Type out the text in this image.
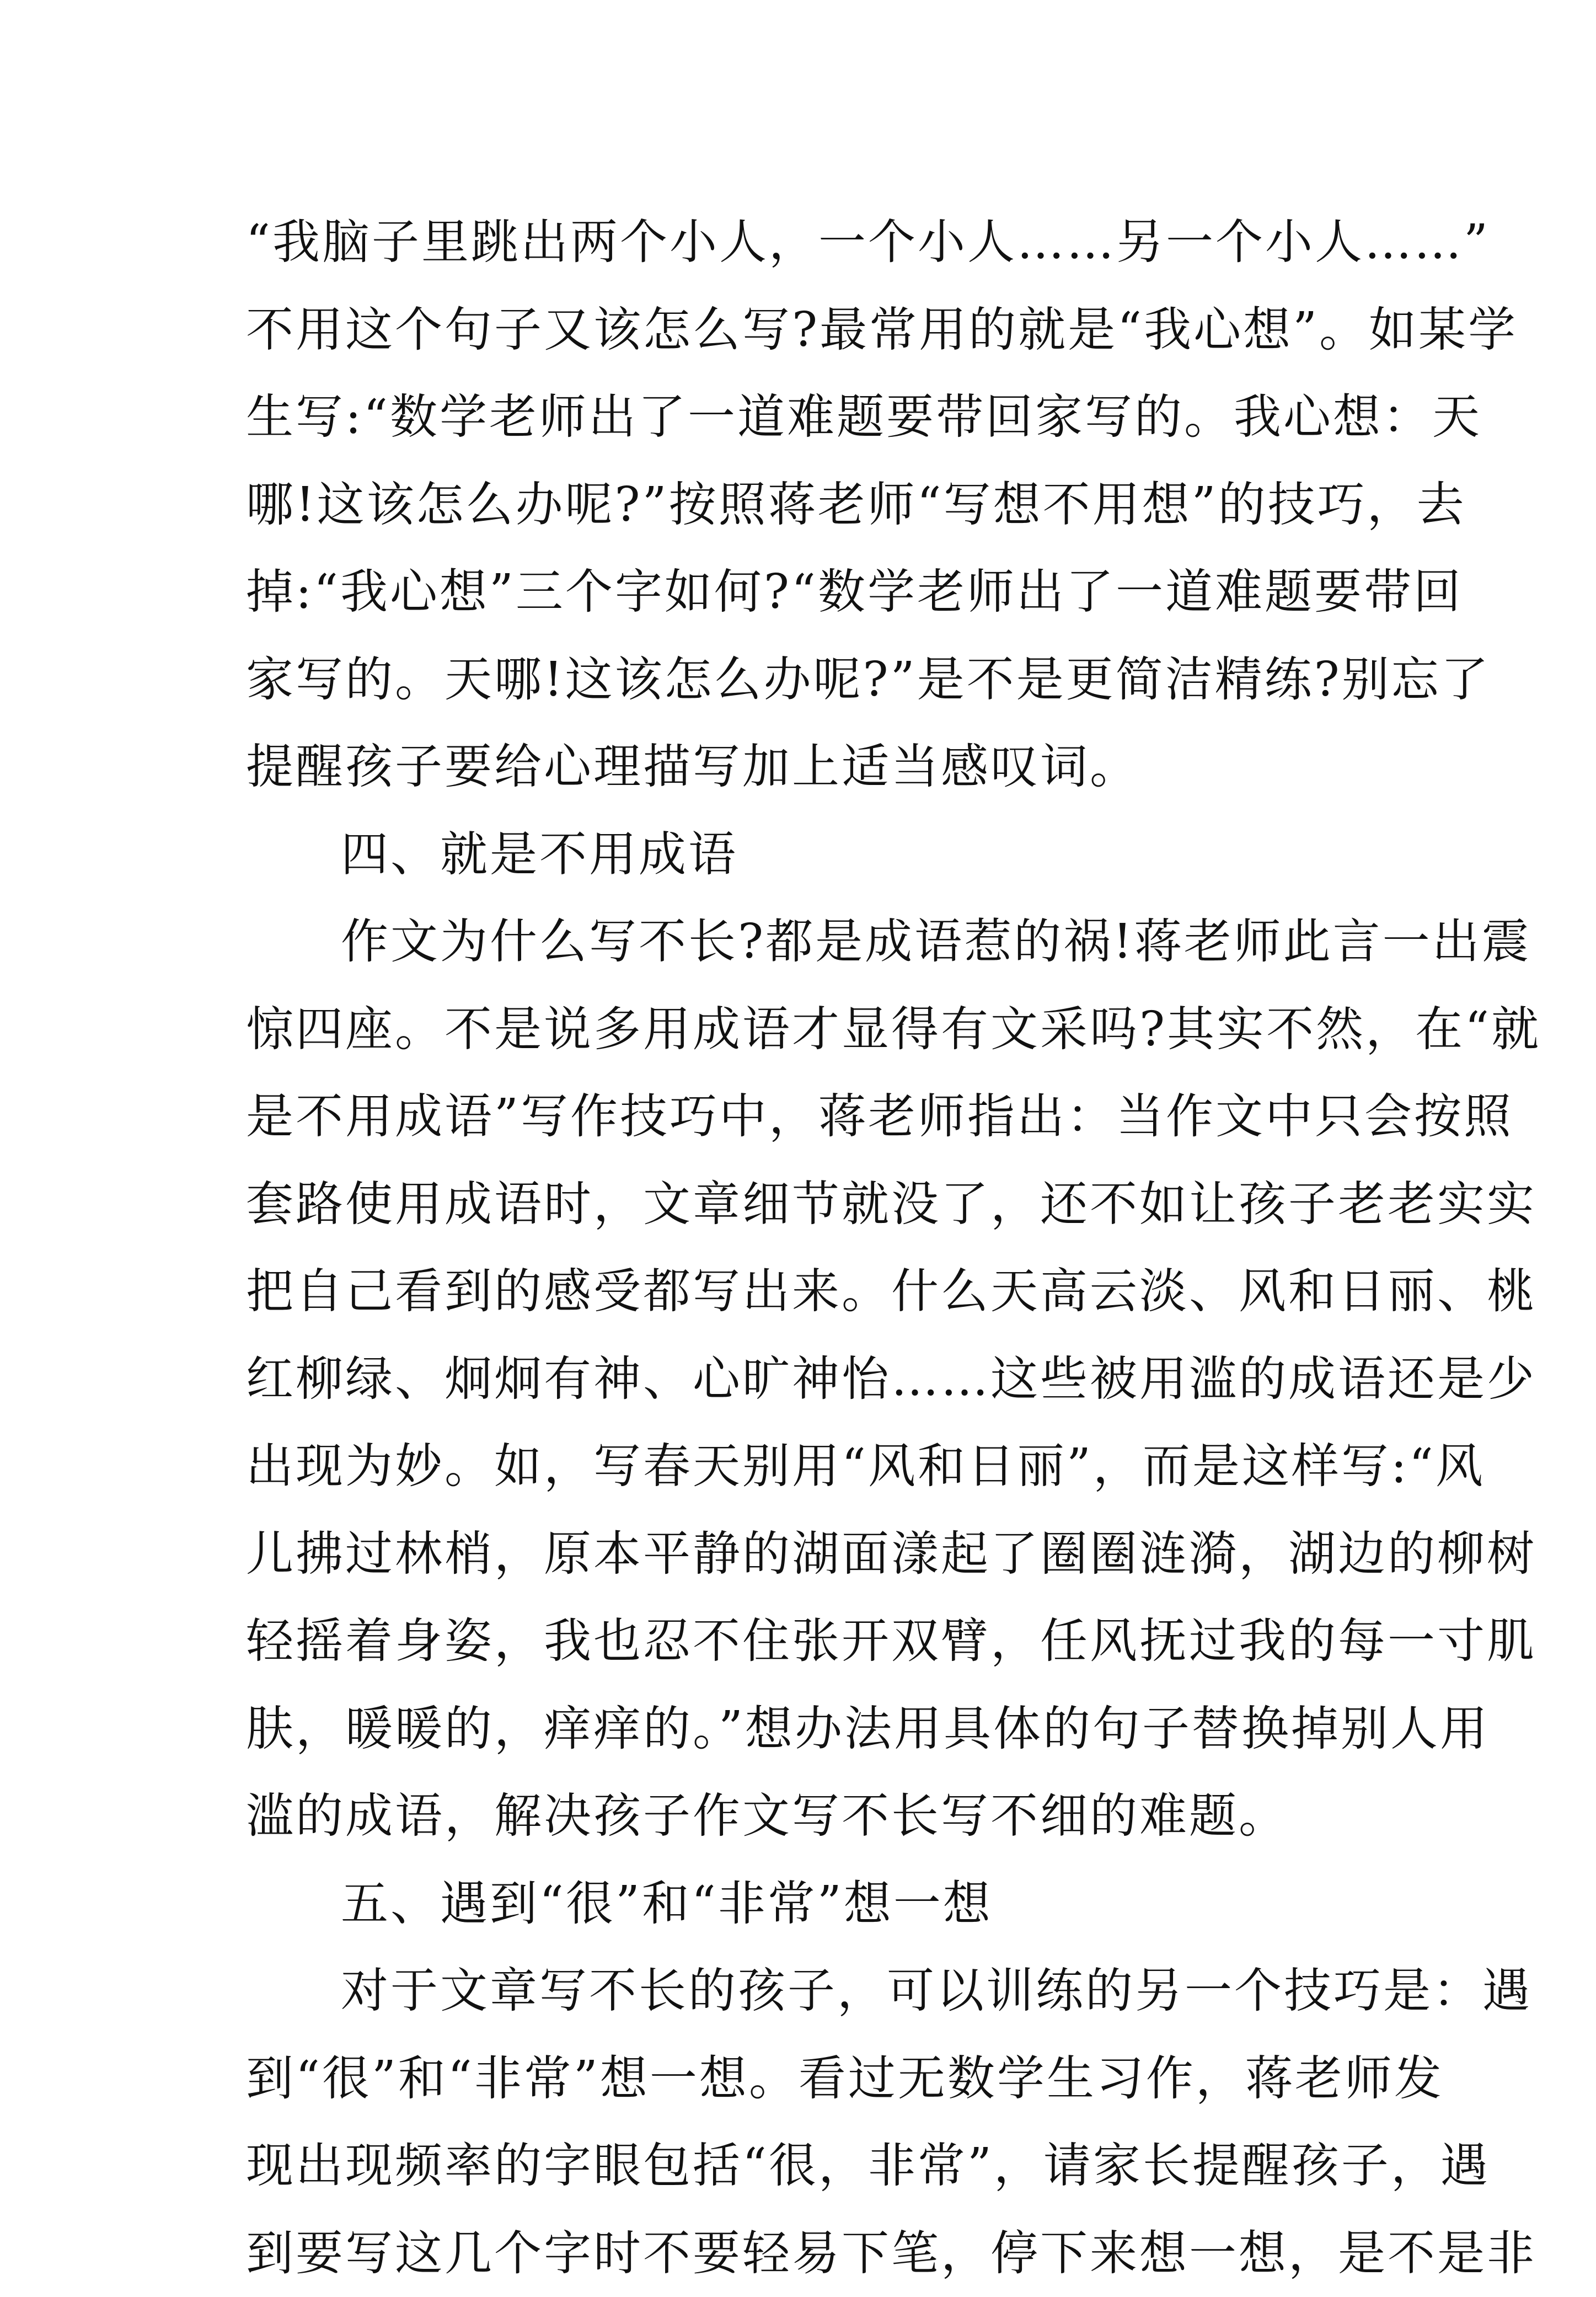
“我脑子里跳出两个小人，一个小人……另一个小人……”
不用这个句子又该怎么写?最常用的就是“我心想”。如某学
生写:“数学老师出了一道难题要带回家写的。我心想：天
哪!这该怎么办呢?”按照蒋老师“写想不用想”的技巧，去
掉:“我心想”三个字如何?“数学老师出了一道难题要带回
家写的。天哪!这该怎么办呢?”是不是更简洁精练?别忘了
提醒孩子要给心理描写加上适当感叹词。
四、就是不用成语
作文为什么写不长?都是成语惹的祸!蒋老师此言一出震
惊四座。不是说多用成语才显得有文采吗?其实不然，在“就
是不用成语”写作技巧中，蒋老师指出：当作文中只会按照
套路使用成语时，文章细节就没了，还不如让孩子老老实实
把自己看到的感受都写出来。什么天高云淡、风和日丽、桃
红柳绿、炯炯有神、心旷神怡……这些被用滥的成语还是少
出现为妙。如，写春天别用“风和日丽”，而是这样写:“风
儿拂过林梢，原本平静的湖面漾起了圈圈涟漪，湖边的柳树
轻摇着身姿，我也忍不住张开双臂，任风抚过我的每一寸肌
肤，暖暖的，痒痒的。”想办法用具体的句子替换掉别人用
滥的成语，解决孩子作文写不长写不细的难题。
五、遇到“很”和“非常”想一想
对于文章写不长的孩子，可以训练的另一个技巧是：遇
到“很”和“非常”想一想。看过无数学生习作，蒋老师发
现出现频率的字眼包括“很，非常”，请家长提醒孩子，遇
到要写这几个字时不要轻易下笔，停下来想一想，是不是非
